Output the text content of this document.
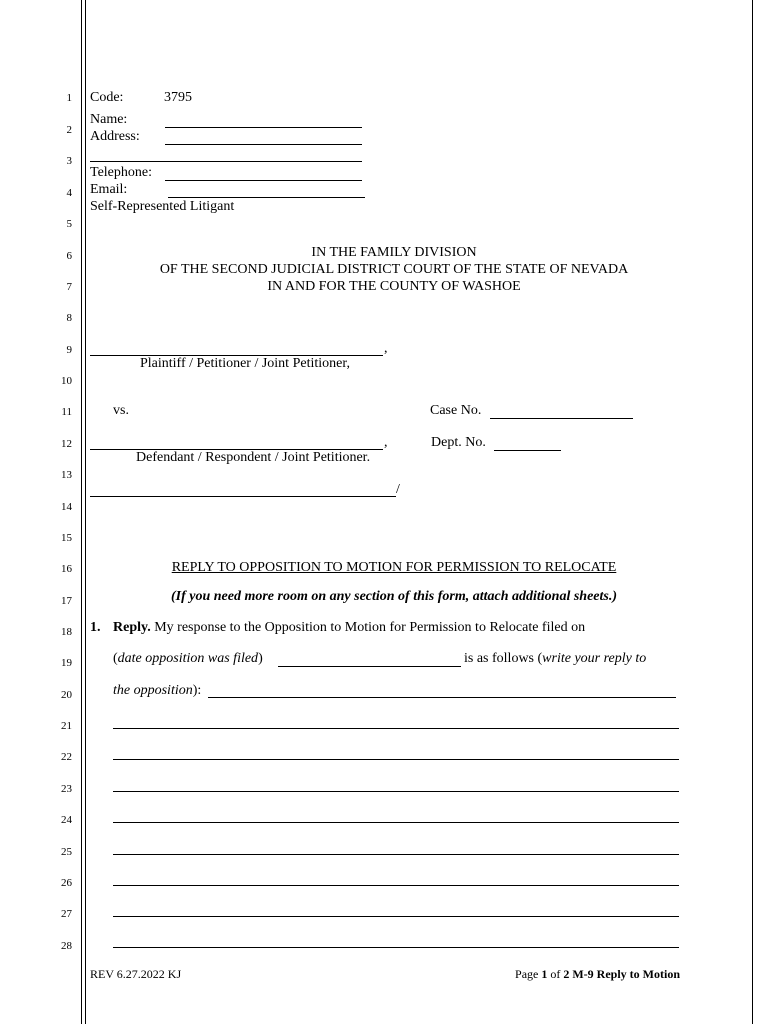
1
2
3
4
5
6
7
8
9
10
11
12
13
14
15
16
17
18
19
20
21
22
23
24
25
26
27
28
Code:	3795
Name:
Address:
Telephone:
Email:
Self-Represented Litigant
IN THE FAMILY DIVISION
OF THE SECOND JUDICIAL DISTRICT COURT OF THE STATE OF NEVADA
IN AND FOR THE COUNTY OF WASHOE
,
Plaintiff / Petitioner / Joint Petitioner,
vs.	Case No.
,	Dept. No.
Defendant / Respondent / Joint Petitioner.
/
REPLY TO OPPOSITION TO MOTION FOR PERMISSION TO RELOCATE
(If you need more room on any section of this form, attach additional sheets.)
1. Reply. My response to the Opposition to Motion for Permission to Relocate filed on
(date opposition was filed)	is as follows (write your reply to
the opposition):
REV 6.27.2022 KJ	Page 1 of 2 M-9 Reply to Motion
